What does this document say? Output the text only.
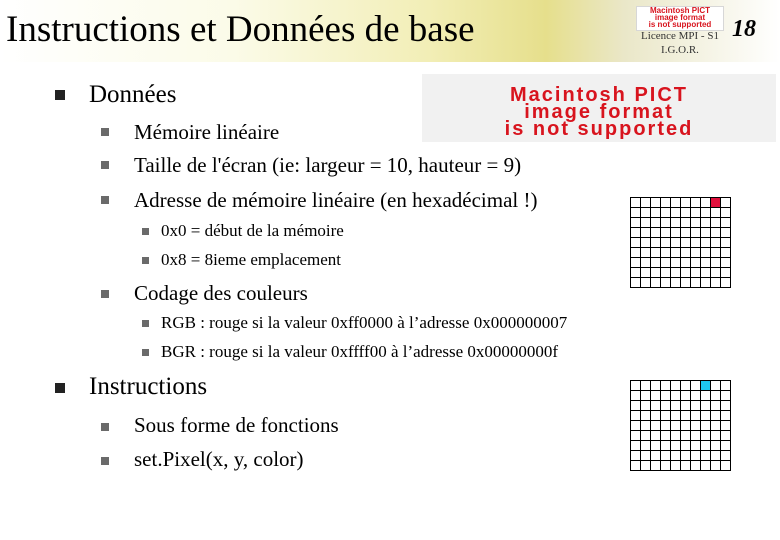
Instructions et Données de base	Macintosh PICT
image format
is not supported
Licence MPI - S1
I.G.O.R.
18
Macintosh PICT
image format
is not supported
Données
Mémoire linéaire
Taille de l'écran (ie: largeur = 10, hauteur = 9)
Adresse de mémoire linéaire (en hexadécimal !)
0x0 = début de la mémoire
0x8 = 8ieme emplacement
Codage des couleurs
RGB : rouge si la valeur 0xff0000 à l’adresse 0x000000007
BGR : rouge si la valeur 0xffff00 à l’adresse 0x00000000f
Instructions
Sous forme de fonctions
set.Pixel(x, y, color)
